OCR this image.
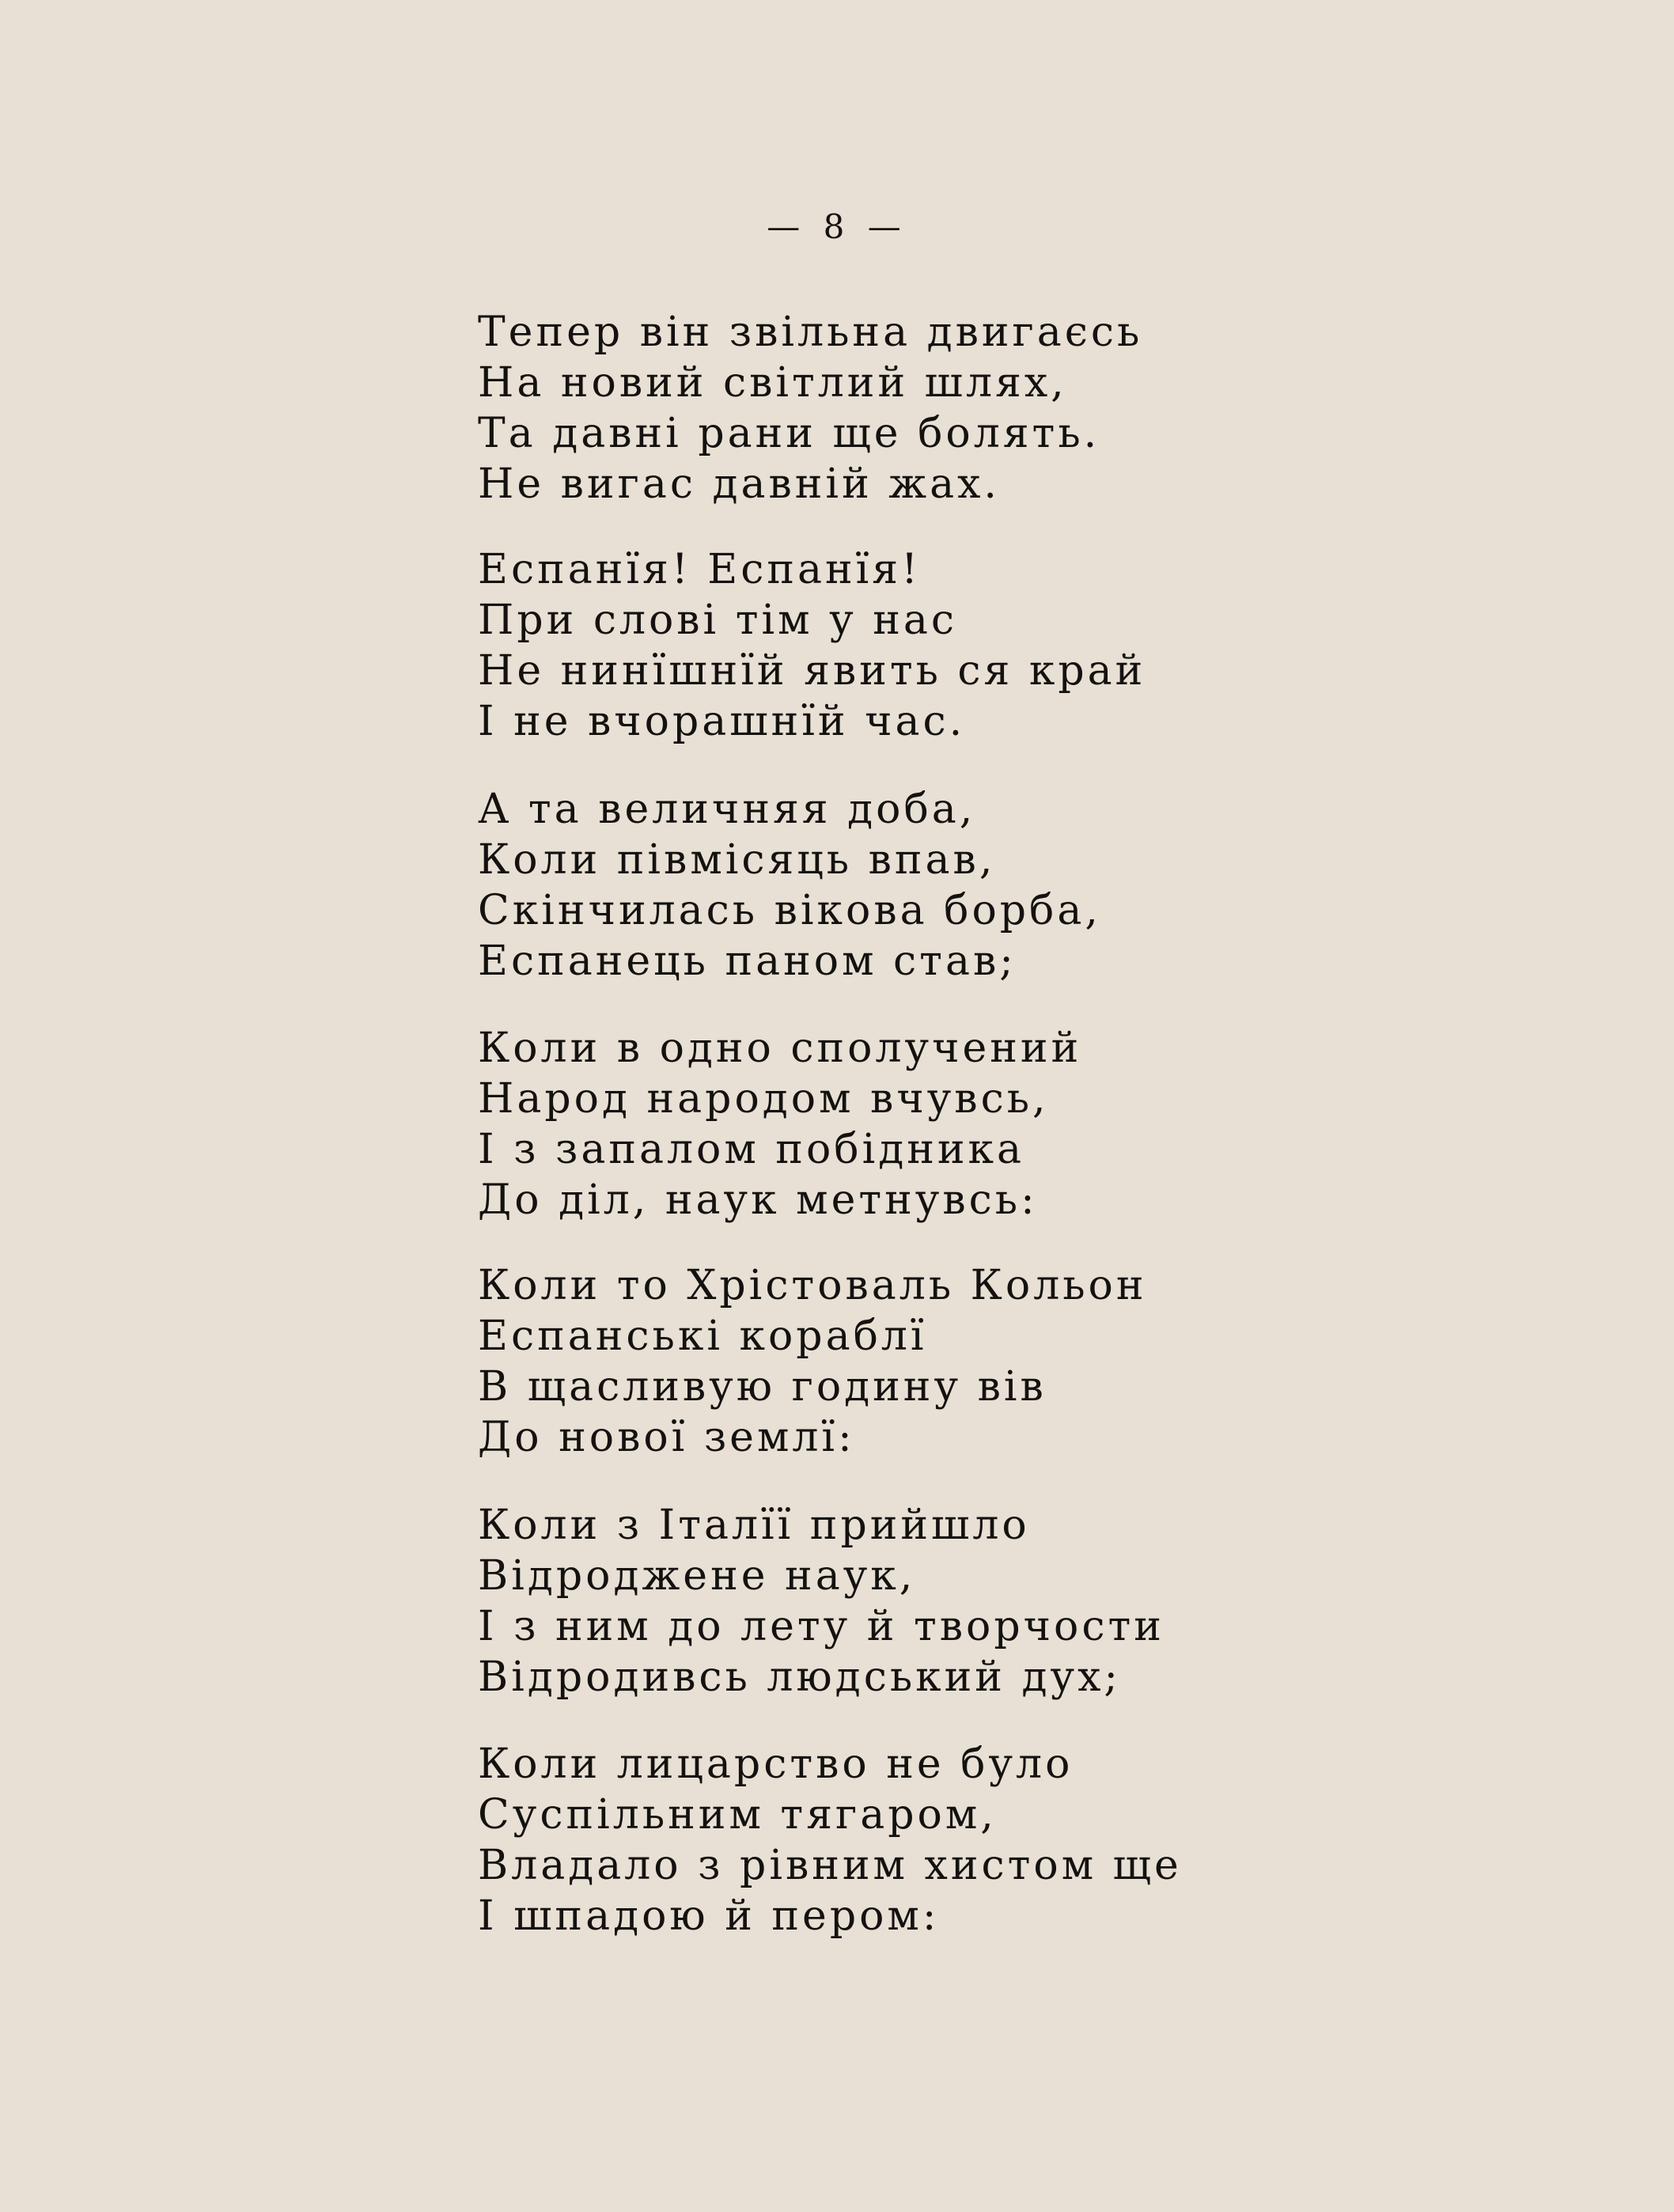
— 8 —
Тепер він звільна двигаєсь
На новий світлий шлях,
Та давні рани ще болять.
Не вигас давній жах.
Еспанїя! Еспанїя!
При слові тім у нас
Не нинїшнїй явить ся край
І не вчорашнїй час.
А та величняя доба,
Коли півмісяць впав,
Скінчилась вікова борба,
Еспанець паном став;
Коли в одно сполучений
Народ народом вчувсь,
І з запалом побідника
До діл, наук метнувсь:
Коли то Хрістоваль Кольон
Еспанські кораблї
В щасливую годину вів
До нової землї:
Коли з Італїї прийшло
Відроджене наук,
І з ним до лету й творчости
Відродивсь людський дух;
Коли лицарство не було
Суспільним тягаром,
Владало з рівним хистом ще
І шпадою й пером:
